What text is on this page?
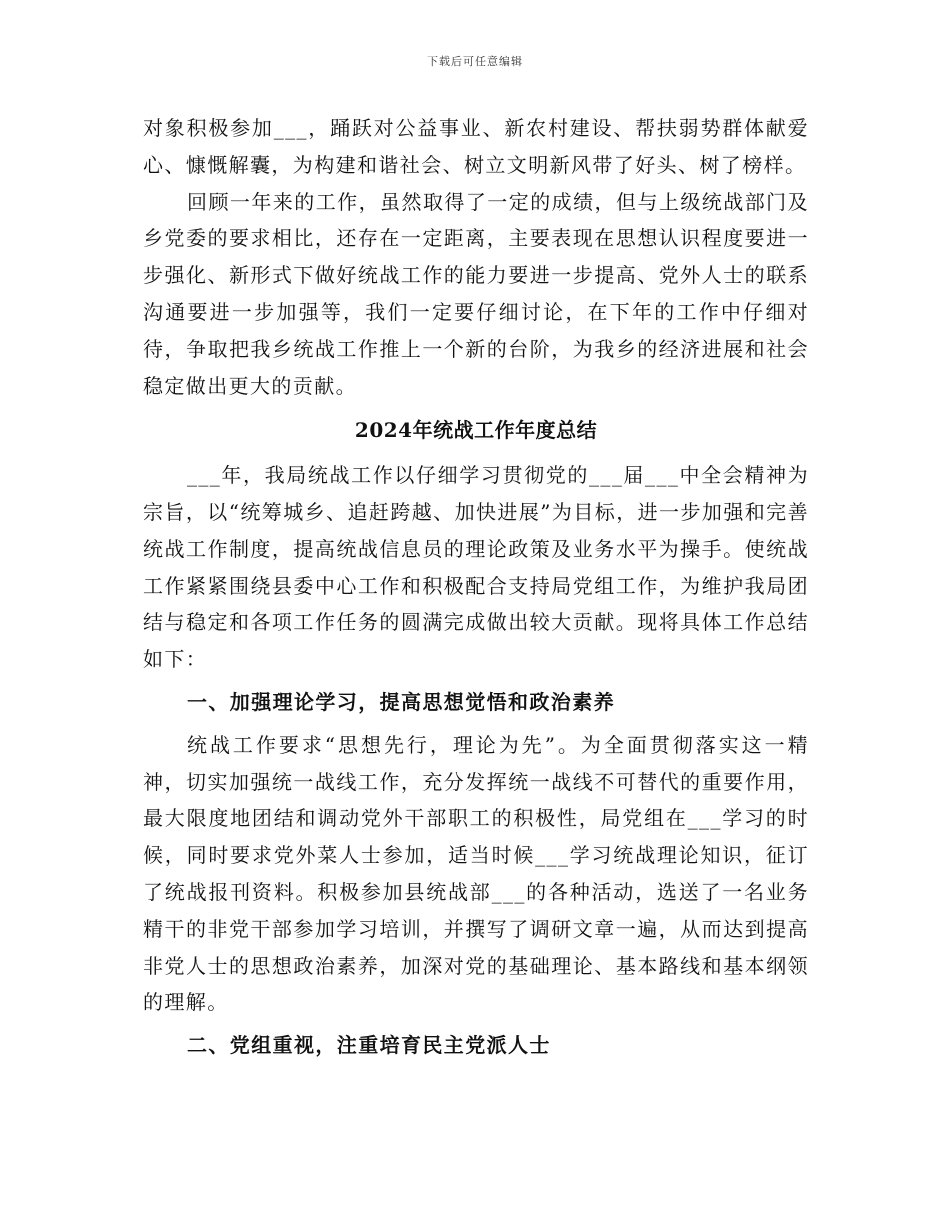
下载后可任意编辑

对象积极参加___，踊跃对公益事业、新农村建设、帮扶弱势群体献爱心、慷慨解囊，为构建和谐社会、树立文明新风带了好头、树了榜样。

回顾一年来的工作，虽然取得了一定的成绩，但与上级统战部门及乡党委的要求相比，还存在一定距离，主要表现在思想认识程度要进一步强化、新形式下做好统战工作的能力要进一步提高、党外人士的联系沟通要进一步加强等，我们一定要仔细讨论，在下年的工作中仔细对待，争取把我乡统战工作推上一个新的台阶，为我乡的经济进展和社会稳定做出更大的贡献。

2024年统战工作年度总结

___年，我局统战工作以仔细学习贯彻党的___届___中全会精神为宗旨，以“统筹城乡、追赶跨越、加快进展”为目标，进一步加强和完善统战工作制度，提高统战信息员的理论政策及业务水平为操手。使统战工作紧紧围绕县委中心工作和积极配合支持局党组工作，为维护我局团结与稳定和各项工作任务的圆满完成做出较大贡献。现将具体工作总结如下：

一、加强理论学习，提高思想觉悟和政治素养

统战工作要求“思想先行，理论为先”。为全面贯彻落实这一精神，切实加强统一战线工作，充分发挥统一战线不可替代的重要作用，最大限度地团结和调动党外干部职工的积极性，局党组在___学习的时候，同时要求党外菜人士参加，适当时候___学习统战理论知识，征订了统战报刊资料。积极参加县统战部___的各种活动，选送了一名业务精干的非党干部参加学习培训，并撰写了调研文章一遍，从而达到提高非党人士的思想政治素养，加深对党的基础理论、基本路线和基本纲领的理解。

二、党组重视，注重培育民主党派人士
